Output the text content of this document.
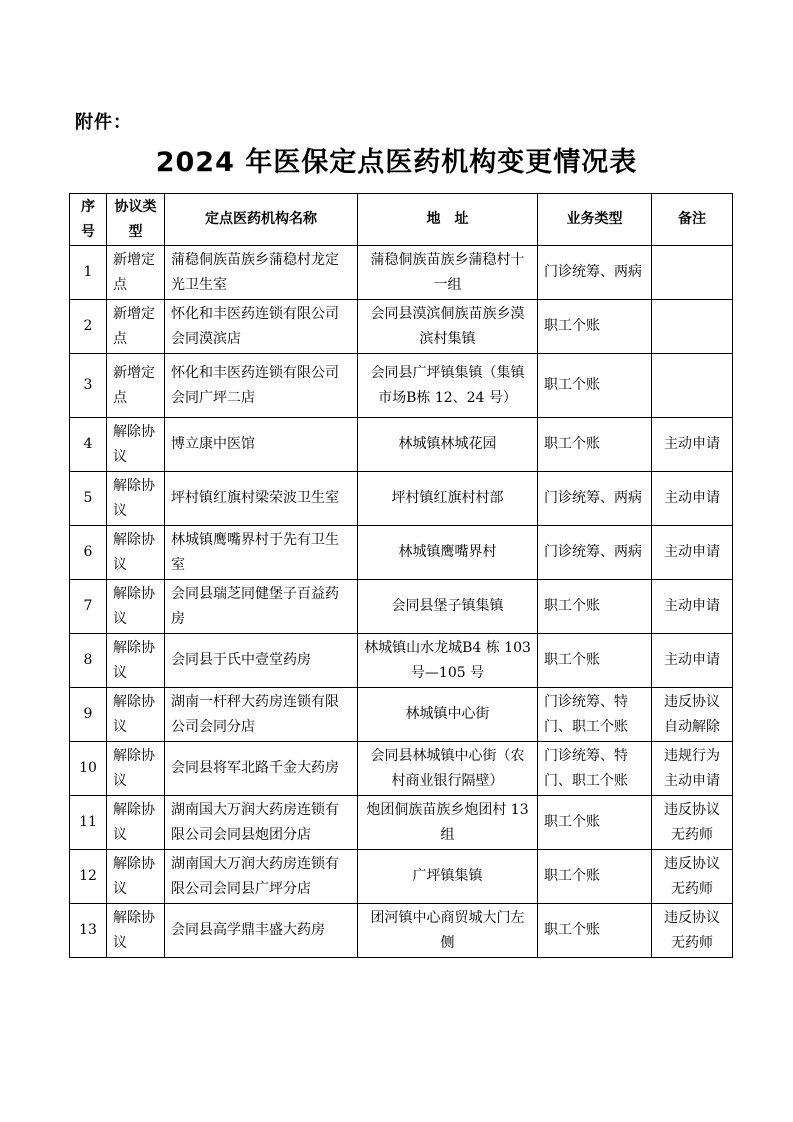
附件：
2024 年医保定点医药机构变更情况表
序号	协议类型	定点医药机构名称	地　址	业务类型	备注
1	新增定点	蒲稳侗族苗族乡蒲稳村龙定光卫生室	蒲稳侗族苗族乡蒲稳村十一组	门诊统筹、两病	
2	新增定点	怀化和丰医药连锁有限公司会同漠滨店	会同县漠滨侗族苗族乡漠滨村集镇	职工个账	
3	新增定点	怀化和丰医药连锁有限公司会同广坪二店	会同县广坪镇集镇（集镇市场B栋 12、24 号）	职工个账	
4	解除协议	博立康中医馆	林城镇林城花园	职工个账	主动申请
5	解除协议	坪村镇红旗村梁荣波卫生室	坪村镇红旗村村部	门诊统筹、两病	主动申请
6	解除协议	林城镇鹰嘴界村于先有卫生室	林城镇鹰嘴界村	门诊统筹、两病	主动申请
7	解除协议	会同县瑞芝同健堡子百益药房	会同县堡子镇集镇	职工个账	主动申请
8	解除协议	会同县于氏中壹堂药房	林城镇山水龙城B4 栋 103 号—105 号	职工个账	主动申请
9	解除协议	湖南一杆秤大药房连锁有限公司会同分店	林城镇中心街	门诊统筹、特门、职工个账	违反协议自动解除
10	解除协议	会同县将军北路千金大药房	会同县林城镇中心街（农村商业银行隔壁）	门诊统筹、特门、职工个账	违规行为主动申请
11	解除协议	湖南国大万润大药房连锁有限公司会同县炮团分店	炮团侗族苗族乡炮团村 13 组	职工个账	违反协议无药师
12	解除协议	湖南国大万润大药房连锁有限公司会同县广坪分店	广坪镇集镇	职工个账	违反协议无药师
13	解除协议	会同县高学鼎丰盛大药房	团河镇中心商贸城大门左侧	职工个账	违反协议无药师
